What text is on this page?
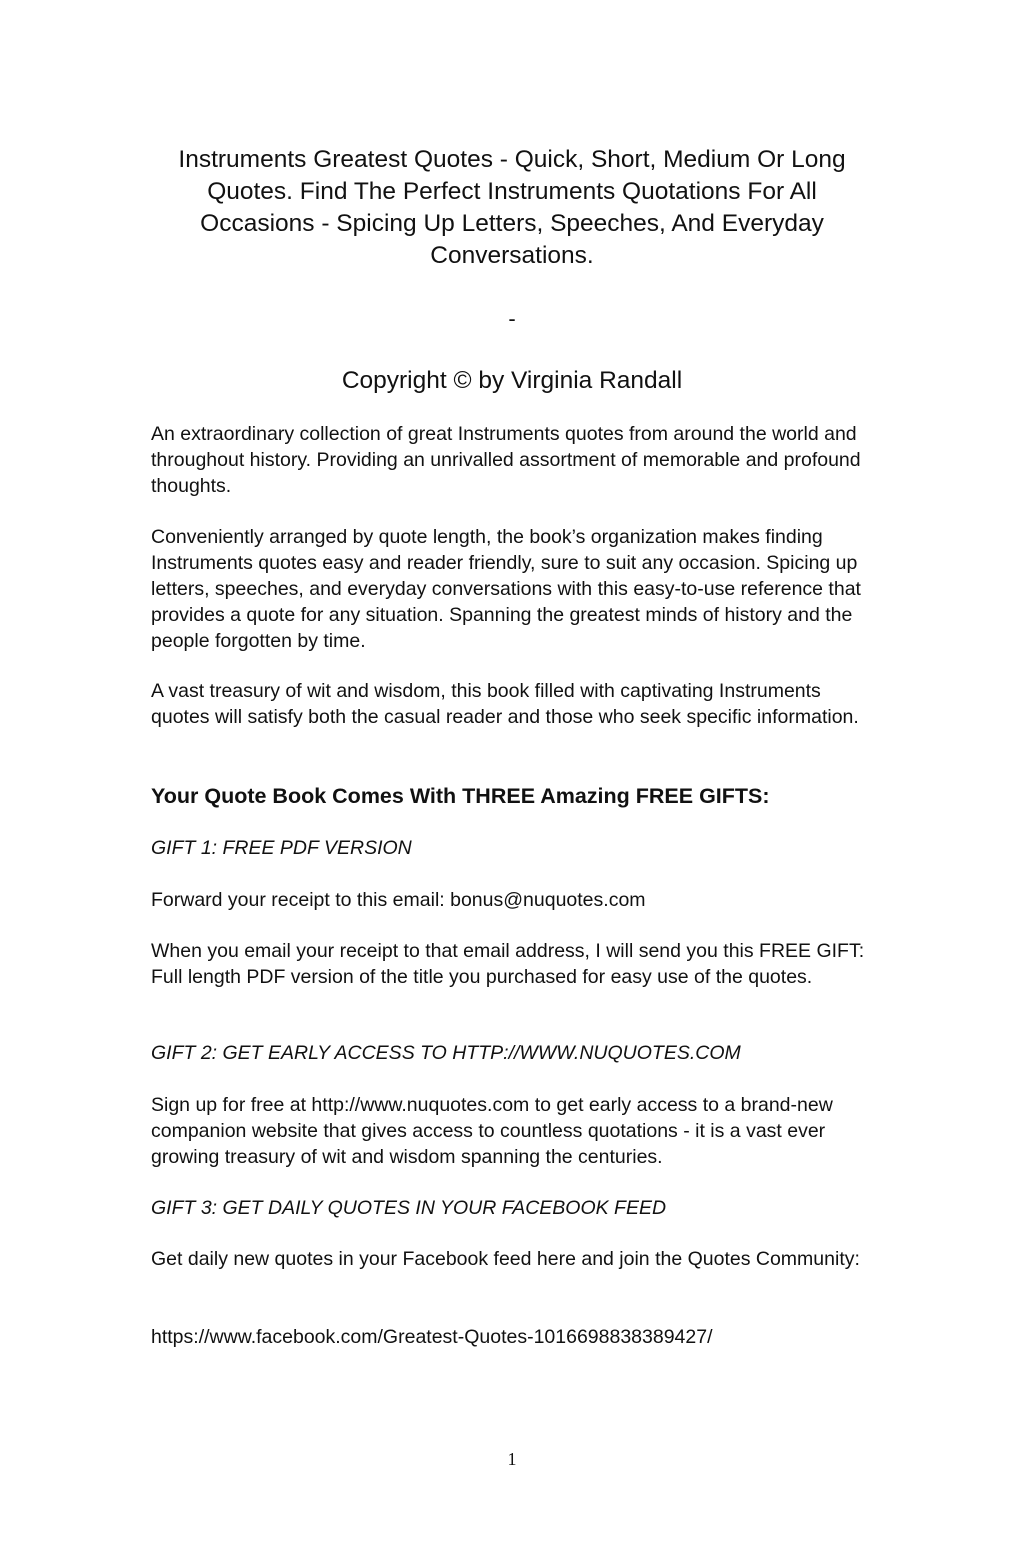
Instruments Greatest Quotes - Quick, Short, Medium Or Long Quotes. Find The Perfect Instruments Quotations For All Occasions - Spicing Up Letters, Speeches, And Everyday Conversations.
-
Copyright © by Virginia Randall

An extraordinary collection of great Instruments quotes from around the world and throughout history. Providing an unrivalled assortment of memorable and profound thoughts.

Conveniently arranged by quote length, the book’s organization makes finding Instruments quotes easy and reader friendly, sure to suit any occasion. Spicing up letters, speeches, and everyday conversations with this easy-to-use reference that provides a quote for any situation. Spanning the greatest minds of history and the people forgotten by time.

A vast treasury of wit and wisdom, this book filled with captivating Instruments quotes will satisfy both the casual reader and those who seek specific information.

Your Quote Book Comes With THREE Amazing FREE GIFTS:

GIFT 1: FREE PDF VERSION

Forward your receipt to this email: bonus@nuquotes.com

When you email your receipt to that email address, I will send you this FREE GIFT: Full length PDF version of the title you purchased for easy use of the quotes.

GIFT 2: GET EARLY ACCESS TO HTTP://WWW.NUQUOTES.COM

Sign up for free at http://www.nuquotes.com to get early access to a brand-new companion website that gives access to countless quotations - it is a vast ever growing treasury of wit and wisdom spanning the centuries.

GIFT 3: GET DAILY QUOTES IN YOUR FACEBOOK FEED

Get daily new quotes in your Facebook feed here and join the Quotes Community:

https://www.facebook.com/Greatest-Quotes-1016698838389427/

1
